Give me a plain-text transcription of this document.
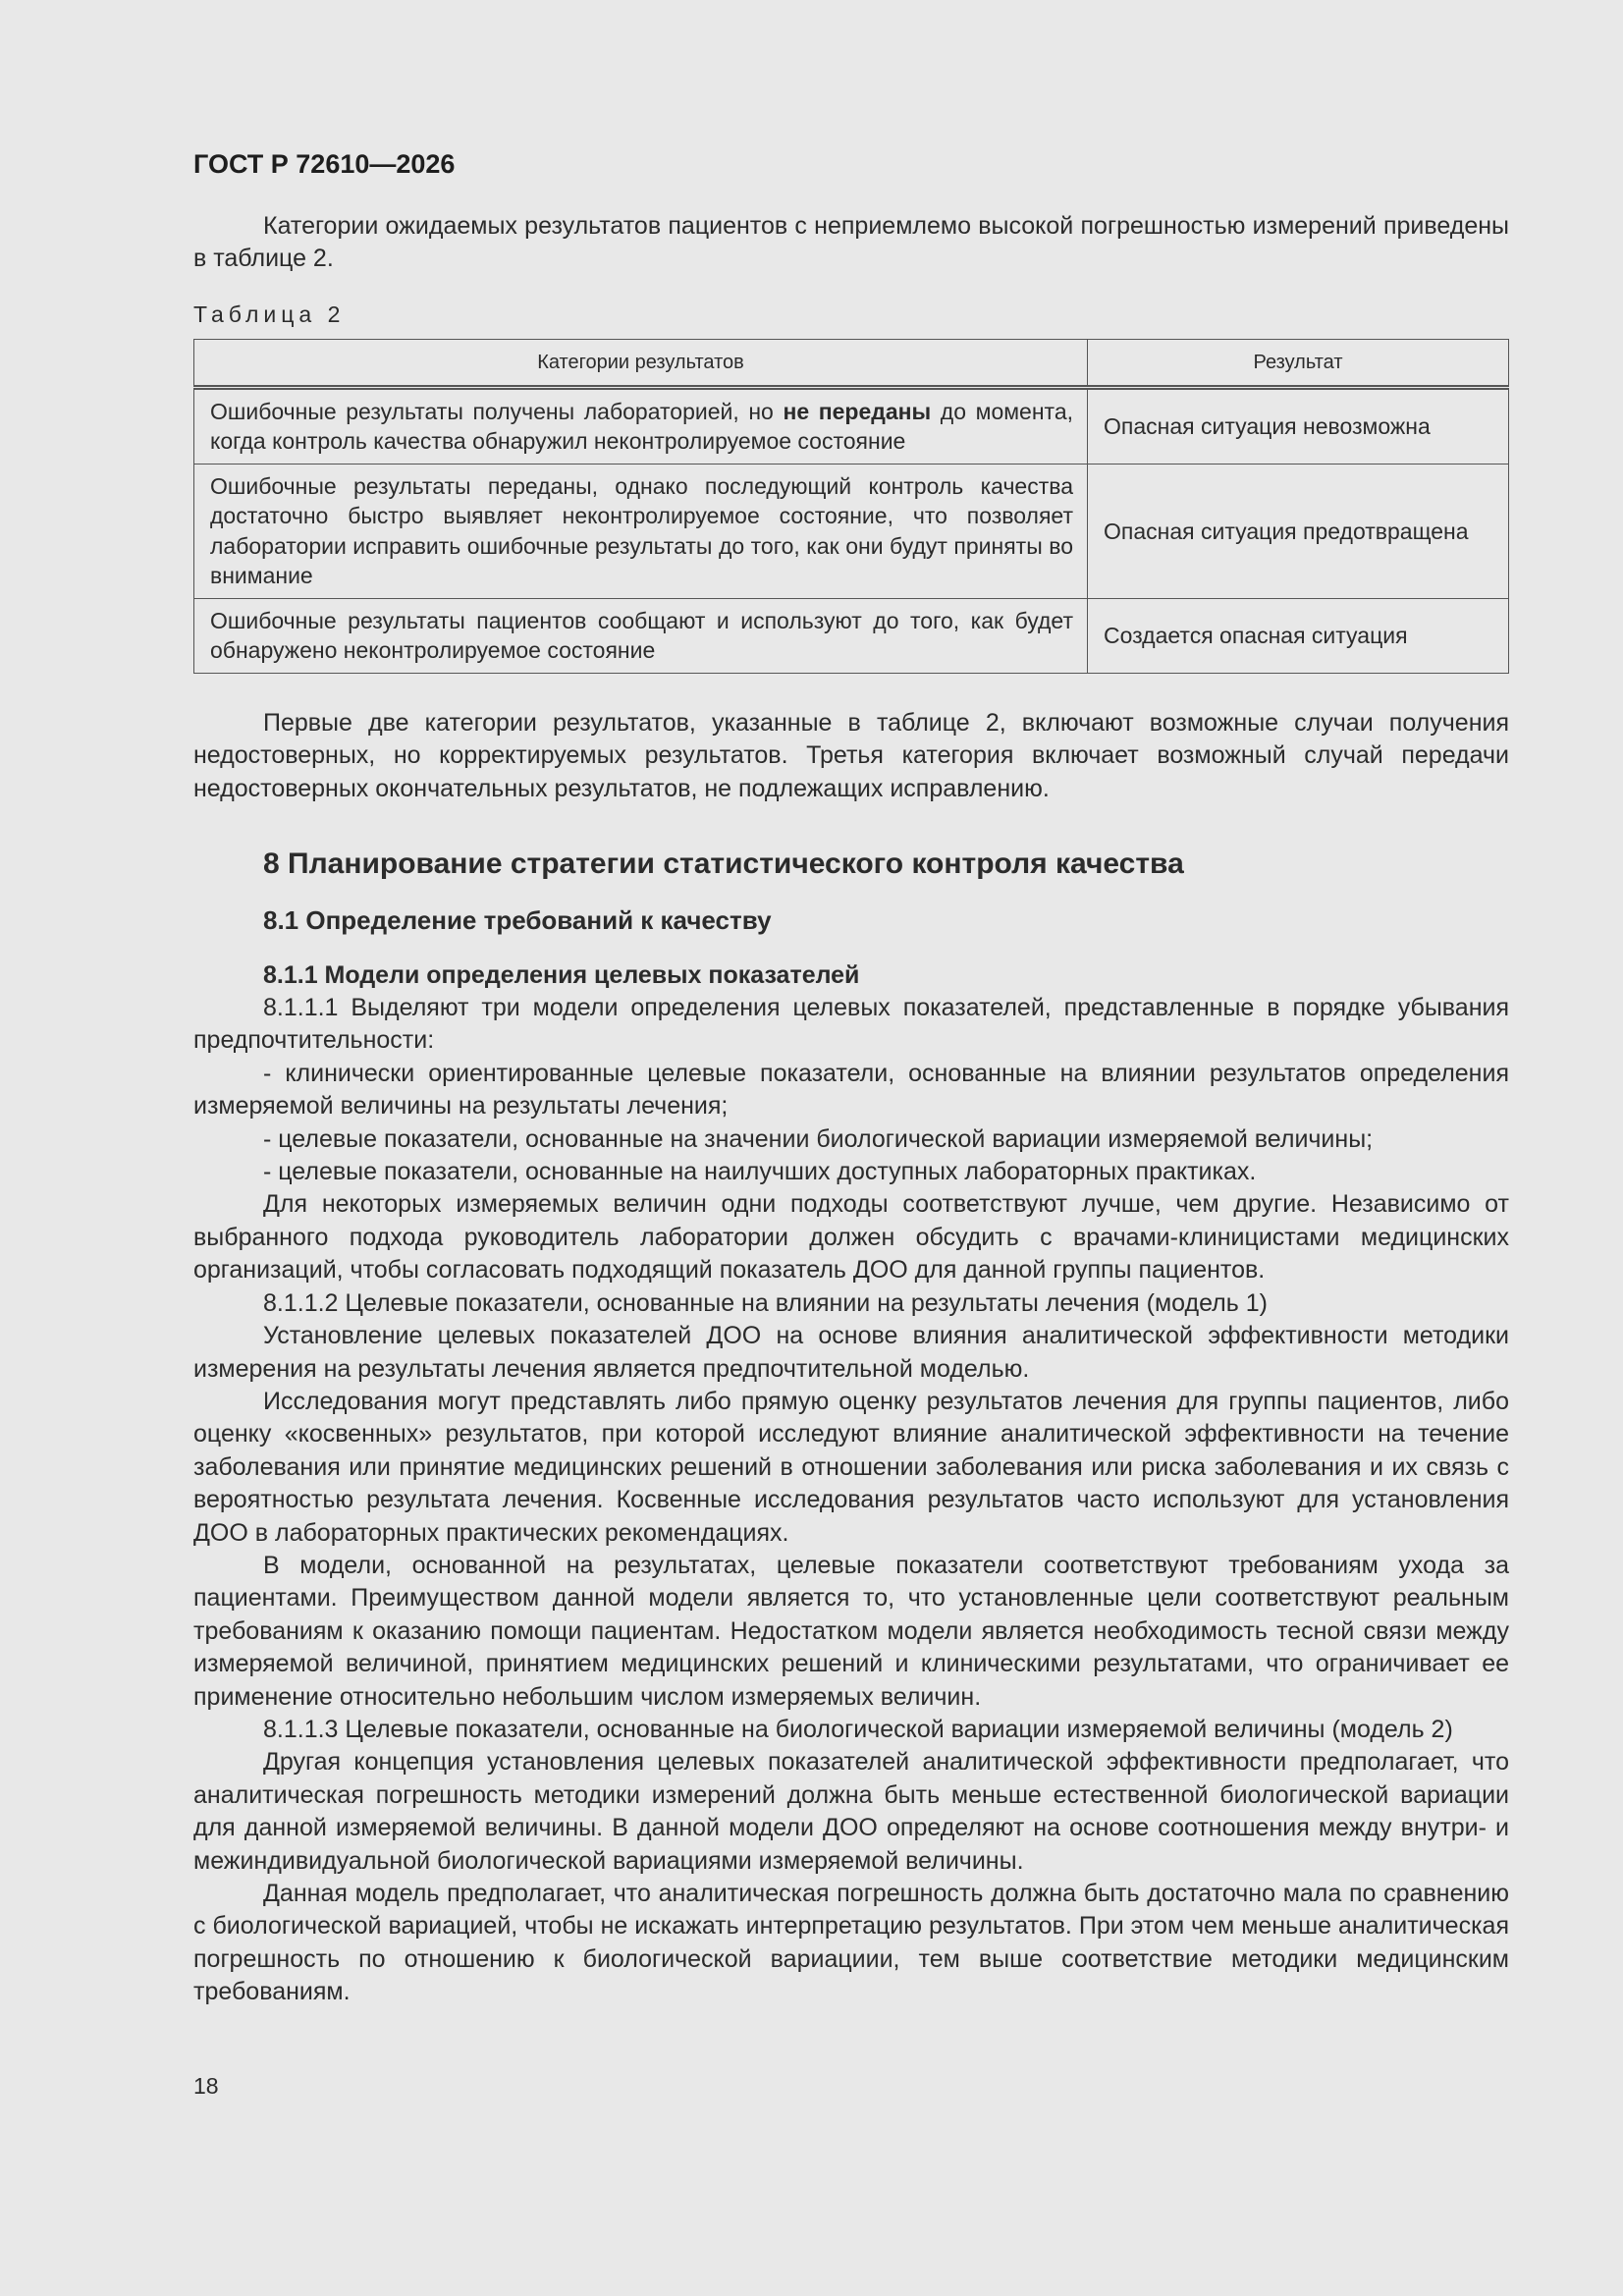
ГОСТ Р 72610—2026

Категории ожидаемых результатов пациентов с неприемлемо высокой погрешностью измерений приведены в таблице 2.

Таблица 2
Категории результатов	Результат
Ошибочные результаты получены лабораторией, но не переданы до момента, когда контроль качества обнаружил неконтролируемое состояние	Опасная ситуация невозможна
Ошибочные результаты переданы, однако последующий контроль качества достаточно быстро выявляет неконтролируемое состояние, что позволяет лаборатории исправить ошибочные результаты до того, как они будут приняты во внимание	Опасная ситуация предотвращена
Ошибочные результаты пациентов сообщают и используют до того, как будет обнаружено неконтролируемое состояние	Создается опасная ситуация

Первые две категории результатов, указанные в таблице 2, включают возможные случаи получения недостоверных, но корректируемых результатов. Третья категория включает возможный случай передачи недостоверных окончательных результатов, не подлежащих исправлению.

8 Планирование стратегии статистического контроля качества
8.1 Определение требований к качеству
8.1.1 Модели определения целевых показателей

8.1.1.1 Выделяют три модели определения целевых показателей, представленные в порядке убывания предпочтительности:

- клинически ориентированные целевые показатели, основанные на влиянии результатов определения измеряемой величины на результаты лечения;

- целевые показатели, основанные на значении биологической вариации измеряемой величины;

- целевые показатели, основанные на наилучших доступных лабораторных практиках.

Для некоторых измеряемых величин одни подходы соответствуют лучше, чем другие. Независимо от выбранного подхода руководитель лаборатории должен обсудить с врачами-клиницистами медицинских организаций, чтобы согласовать подходящий показатель ДОО для данной группы пациентов.

8.1.1.2 Целевые показатели, основанные на влиянии на результаты лечения (модель 1)

Установление целевых показателей ДОО на основе влияния аналитической эффективности методики измерения на результаты лечения является предпочтительной моделью.

Исследования могут представлять либо прямую оценку результатов лечения для группы пациентов, либо оценку «косвенных» результатов, при которой исследуют влияние аналитической эффективности на течение заболевания или принятие медицинских решений в отношении заболевания или риска заболевания и их связь с вероятностью результата лечения. Косвенные исследования результатов часто используют для установления ДОО в лабораторных практических рекомендациях.

В модели, основанной на результатах, целевые показатели соответствуют требованиям ухода за пациентами. Преимуществом данной модели является то, что установленные цели соответствуют реальным требованиям к оказанию помощи пациентам. Недостатком модели является необходимость тесной связи между измеряемой величиной, принятием медицинских решений и клиническими результатами, что ограничивает ее применение относительно небольшим числом измеряемых величин.

8.1.1.3 Целевые показатели, основанные на биологической вариации измеряемой величины (модель 2)

Другая концепция установления целевых показателей аналитической эффективности предполагает, что аналитическая погрешность методики измерений должна быть меньше естественной биологической вариации для данной измеряемой величины. В данной модели ДОО определяют на основе соотношения между внутри- и межиндивидуальной биологической вариациями измеряемой величины.

Данная модель предполагает, что аналитическая погрешность должна быть достаточно мала по сравнению с биологической вариацией, чтобы не искажать интерпретацию результатов. При этом чем меньше аналитическая погрешность по отношению к биологической вариациии, тем выше соответствие методики медицинским требованиям.

18
